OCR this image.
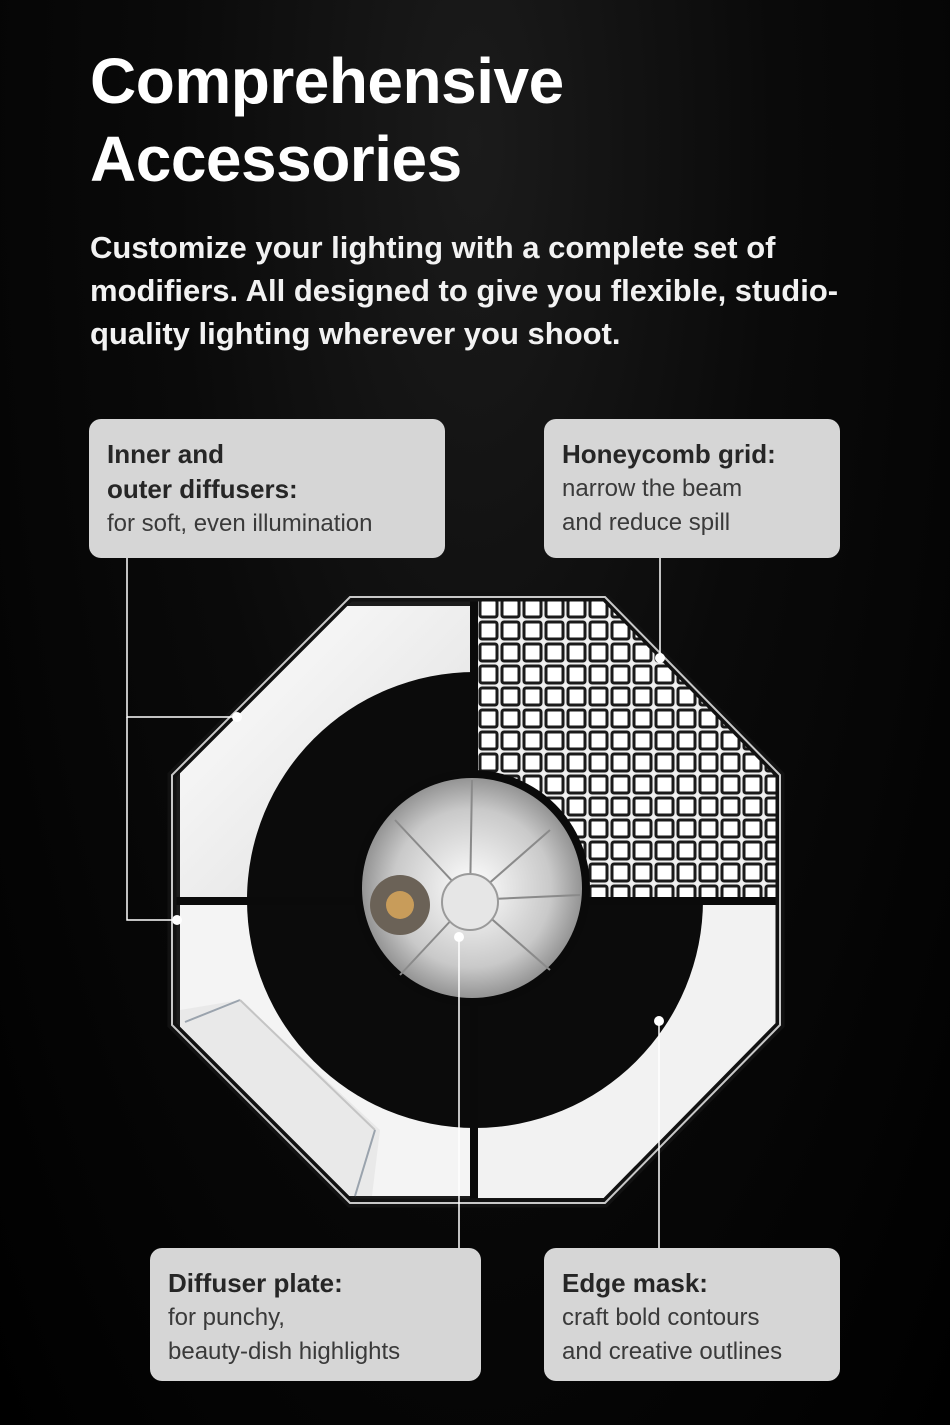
Comprehensive
Accessories

Customize your lighting with a complete set of modifiers. All designed to give you flexible, studio-quality lighting wherever you shoot.

Inner and
outer diffusers:
for soft, even illumination
Honeycomb grid:
narrow the beam
and reduce spill
Diffuser plate:
for punchy,
beauty-dish highlights
Edge mask:
craft bold contours
and creative outlines
